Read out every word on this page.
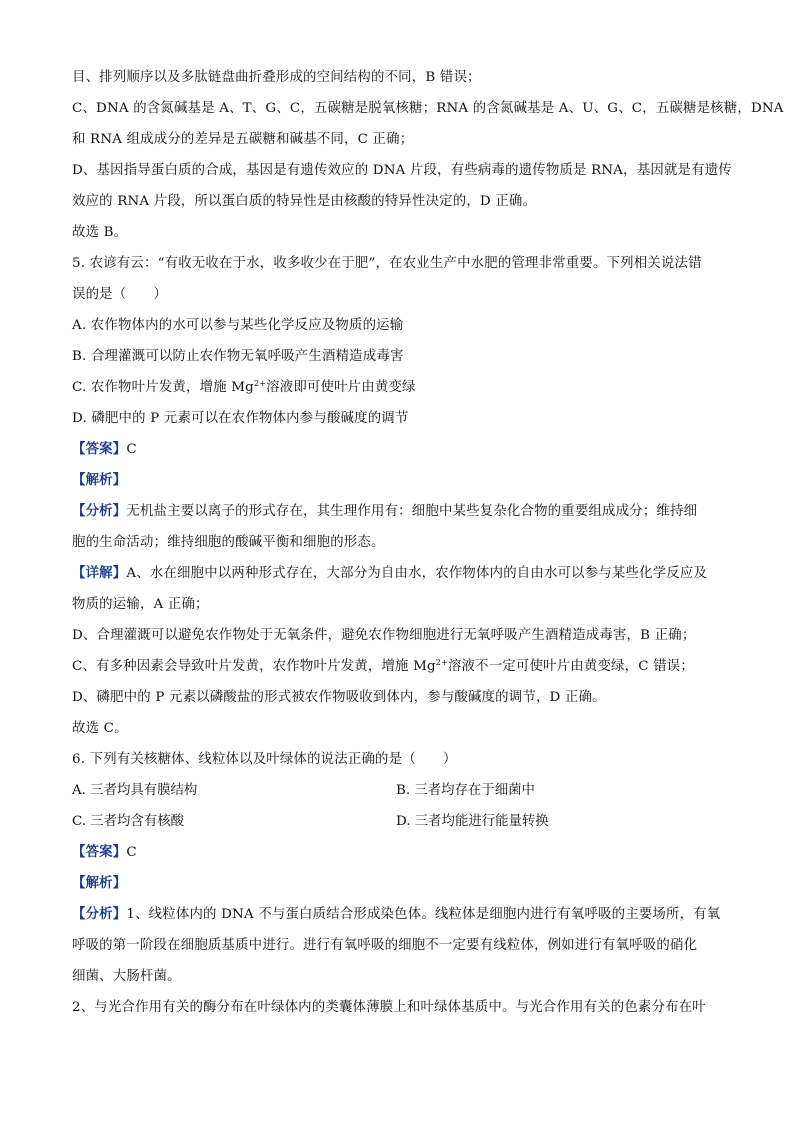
目、排列顺序以及多肽链盘曲折叠形成的空间结构的不同，B 错误；
C、DNA 的含氮碱基是 A、T、G、C，五碳糖是脱氧核糖；RNA 的含氮碱基是 A、U、G、C，五碳糖是核糖，DNA
和 RNA 组成成分的差异是五碳糖和碱基不同，C 正确；
D、基因指导蛋白质的合成，基因是有遗传效应的 DNA 片段，有些病毒的遗传物质是 RNA，基因就是有遗传
效应的 RNA 片段，所以蛋白质的特异性是由核酸的特异性决定的，D 正确。
故选 B。
5. 农谚有云：“有收无收在于水，收多收少在于肥”，在农业生产中水肥的管理非常重要。下列相关说法错
误的是（　　）
A. 农作物体内的水可以参与某些化学反应及物质的运输
B. 合理灌溉可以防止农作物无氧呼吸产生酒精造成毒害
C. 农作物叶片发黄，增施 $Mg^{2+}$溶液即可使叶片由黄变绿
D. 磷肥中的 P 元素可以在农作物体内参与酸碱度的调节
【答案】C
【解析】
【分析】无机盐主要以离子的形式存在，其生理作用有：细胞中某些复杂化合物的重要组成成分；维持细
胞的生命活动；维持细胞的酸碱平衡和细胞的形态。
【详解】A、水在细胞中以两种形式存在，大部分为自由水，农作物体内的自由水可以参与某些化学反应及
物质的运输，A 正确；
D、合理灌溉可以避免农作物处于无氧条件，避免农作物细胞进行无氧呼吸产生酒精造成毒害，B 正确；
C、有多种因素会导致叶片发黄，农作物叶片发黄，增施 $Mg^{2+}$溶液不一定可使叶片由黄变绿，C 错误；
D、磷肥中的 P 元素以磷酸盐的形式被农作物吸收到体内，参与酸碱度的调节，D 正确。
故选 C。
6. 下列有关核糖体、线粒体以及叶绿体的说法正确的是（　　）
A. 三者均具有膜结构	B. 三者均存在于细菌中
C. 三者均含有核酸	D. 三者均能进行能量转换
【答案】C
【解析】
【分析】1、线粒体内的 DNA 不与蛋白质结合形成染色体。线粒体是细胞内进行有氧呼吸的主要场所，有氧
呼吸的第一阶段在细胞质基质中进行。进行有氧呼吸的细胞不一定要有线粒体，例如进行有氧呼吸的硝化
细菌、大肠杆菌。
2、与光合作用有关的酶分布在叶绿体内的类囊体薄膜上和叶绿体基质中。与光合作用有关的色素分布在叶
